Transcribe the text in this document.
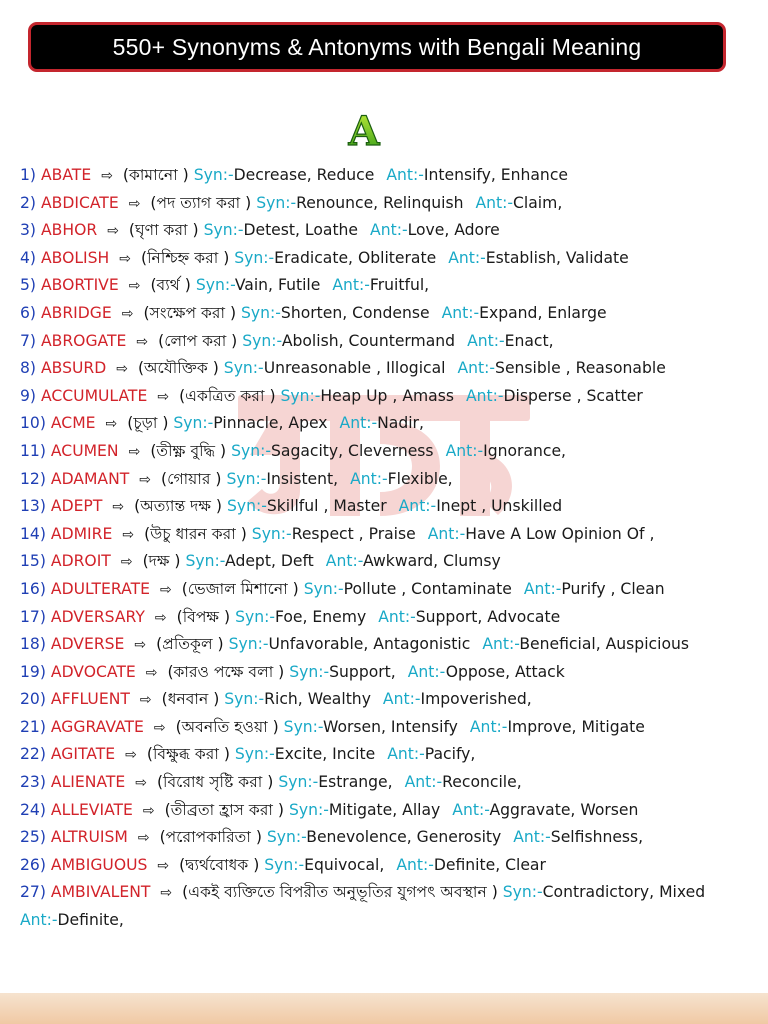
550+ Synonyms & Antonyms with Bengali Meaning
A
1) ABATE ⇨ (কামানো ) Syn:-Decrease, Reduce Ant:-Intensify, Enhance
2) ABDICATE ⇨ (পদ ত্যাগ করা ) Syn:-Renounce, Relinquish Ant:-Claim,
3) ABHOR ⇨ (ঘৃণা করা ) Syn:-Detest, Loathe Ant:-Love, Adore
4) ABOLISH ⇨ (নিশ্চিহ্ন করা ) Syn:-Eradicate, Obliterate Ant:-Establish, Validate
5) ABORTIVE ⇨ (ব্যর্থ ) Syn:-Vain, Futile Ant:-Fruitful,
6) ABRIDGE ⇨ (সংক্ষেপ করা ) Syn:-Shorten, Condense Ant:-Expand, Enlarge
7) ABROGATE ⇨ (লোপ করা ) Syn:-Abolish, Countermand Ant:-Enact,
8) ABSURD ⇨ (অযৌক্তিক ) Syn:-Unreasonable , Illogical Ant:-Sensible , Reasonable
9) ACCUMULATE ⇨ (একত্রিত করা ) Syn:-Heap Up , Amass Ant:-Disperse , Scatter
10) ACME ⇨ (চূড়া ) Syn:-Pinnacle, Apex Ant:-Nadir,
11) ACUMEN ⇨ (তীক্ষ্ণ বুদ্ধি ) Syn:-Sagacity, Cleverness Ant:-Ignorance,
12) ADAMANT ⇨ (গোয়ার ) Syn:-Insistent, Ant:-Flexible,
13) ADEPT ⇨ (অত্যান্ত দক্ষ ) Syn:-Skillful , Master Ant:-Inept , Unskilled
14) ADMIRE ⇨ (উচু ধারন করা ) Syn:-Respect , Praise Ant:-Have A Low Opinion Of ,
15) ADROIT ⇨ (দক্ষ ) Syn:-Adept, Deft Ant:-Awkward, Clumsy
16) ADULTERATE ⇨ (ভেজাল মিশানো ) Syn:-Pollute , Contaminate Ant:-Purify , Clean
17) ADVERSARY ⇨ (বিপক্ষ ) Syn:-Foe, Enemy Ant:-Support, Advocate
18) ADVERSE ⇨ (প্রতিকূল ) Syn:-Unfavorable, Antagonistic Ant:-Beneficial, Auspicious
19) ADVOCATE ⇨ (কারও পক্ষে বলা ) Syn:-Support, Ant:-Oppose, Attack
20) AFFLUENT ⇨ (ধনবান ) Syn:-Rich, Wealthy Ant:-Impoverished,
21) AGGRAVATE ⇨ (অবনতি হওয়া ) Syn:-Worsen, Intensify Ant:-Improve, Mitigate
22) AGITATE ⇨ (বিক্ষুব্ধ করা ) Syn:-Excite, Incite Ant:-Pacify,
23) ALIENATE ⇨ (বিরোধ সৃষ্টি করা ) Syn:-Estrange, Ant:-Reconcile,
24) ALLEVIATE ⇨ (তীব্রতা হ্রাস করা ) Syn:-Mitigate, Allay Ant:-Aggravate, Worsen
25) ALTRUISM ⇨ (পরোপকারিতা ) Syn:-Benevolence, Generosity Ant:-Selfishness,
26) AMBIGUOUS ⇨ (দ্ব্যর্থবোধক ) Syn:-Equivocal, Ant:-Definite, Clear
27) AMBIVALENT ⇨ (একই ব্যক্তিতে বিপরীত অনুভূতির যুগপৎ অবস্থান ) Syn:-Contradictory, MixedAnt:-Definite,
